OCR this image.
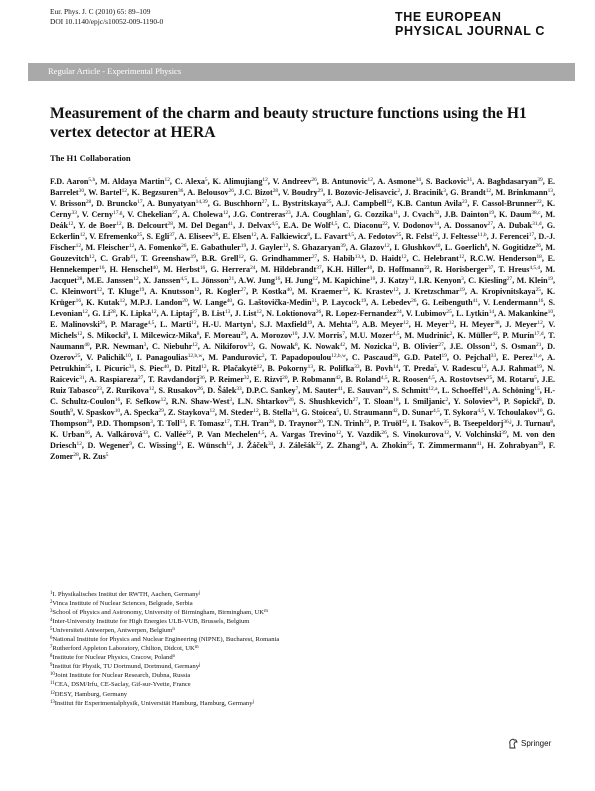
Eur. Phys. J. C (2010) 65: 89–109
DOI 10.1140/epjc/s10052-009-1190-0	THE EUROPEAN
PHYSICAL JOURNAL C
Regular Article - Experimental Physics
Measurement of the charm and beauty structure functions using the H1 vertex detector at HERA
The H1 Collaboration
F.D. Aaron$^{5,h}$, M. Aldaya Martin$^{12}$, C. Alexa$^5$, K. Alimujiang$^{12}$, V. Andreev$^{26}$, B. Antunovic$^{12}$, A. Asmone$^{34}$, S. Backovic$^{31}$, A. Baghdasaryan$^{39}$, E. Barrelet$^{30}$, W. Bartel$^{12}$, K. Begzsuren$^{36}$, A. Belousov$^{26}$, J.C. Bizot$^{28}$, V. Boudry$^{29}$, I. Bozovic-Jelisavcic$^2$, J. Bracinik$^3$, G. Brandt$^{12}$, M. Brinkmann$^{13}$, V. Brisson$^{28}$, D. Bruncko$^{17}$, A. Bunyatyan$^{14,39}$, G. Buschhorn$^{27}$, L. Bystritskaya$^{25}$, A.J. Campbell$^{12}$, K.B. Cantun Avila$^{23}$, F. Cassol-Brunner$^{22}$, K. Cerny$^{33}$, V. Cerny$^{17,g}$, V. Chekelian$^{27}$, A. Cholewa$^{12}$, J.G. Contreras$^{23}$, J.A. Coughlan$^7$, G. Cozzika$^{11}$, J. Cvach$^{32}$, J.B. Dainton$^{19}$, K. Daum$^{38,c}$, M. Deák$^{12}$, Y. de Boer$^{12}$, B. Delcourt$^{28}$, M. Del Degan$^{41}$, J. Delvax$^{4,5}$, E.A. De Wolf$^{4,5}$, C. Diaconu$^{22}$, V. Dodonov$^{14}$, A. Dossanov$^{27}$, A. Dubak$^{31,d}$, G. Eckerlin$^{12}$, V. Efremenko$^{25}$, S. Egli$^{37}$, A. Eliseev$^{26}$, E. Elsen$^{12}$, A. Falkiewicz$^8$, L. Favart$^{4,5}$, A. Fedotov$^{25}$, R. Felst$^{12}$, J. Feltesse$^{11,b}$, J. Ferencei$^{17}$, D.-J. Fischer$^{12}$, M. Fleischer$^{12}$, A. Fomenko$^{26}$, E. Gabathuler$^{19}$, J. Gayler$^{12}$, S. Ghazaryan$^{39}$, A. Glazov$^{12}$, I. Glushkov$^{40}$, L. Goerlich$^8$, N. Gogitidze$^{26}$, M. Gouzevitch$^{12}$, C. Grab$^{41}$, T. Greenshaw$^{19}$, B.R. Grell$^{12}$, G. Grindhammer$^{27}$, S. Habib$^{13,k}$, D. Haidt$^{12}$, C. Helebrant$^{12}$, R.C.W. Henderson$^{18}$, E. Hennekemper$^{16}$, H. Henschel$^{40}$, M. Herbst$^{16}$, G. Herrera$^{24}$, M. Hildebrandt$^{37}$, K.H. Hiller$^{40}$, D. Hoffmann$^{22}$, R. Horisberger$^{37}$, T. Hreus$^{4,5,d}$, M. Jacquet$^{28}$, M.E. Janssen$^{12}$, X. Janssen$^{4,5}$, L. Jönsson$^{21}$, A.W. Jung$^{16}$, H. Jung$^{12}$, M. Kapichine$^{10}$, J. Katzy$^{12}$, I.R. Kenyon$^3$, C. Kiesling$^{27}$, M. Klein$^{19}$, C. Kleinwort$^{12}$, T. Kluge$^{19}$, A. Knutsson$^{12}$, R. Kogler$^{27}$, P. Kostka$^{40}$, M. Kraemer$^{12}$, K. Krastev$^{12}$, J. Kretzschmar$^{19}$, A. Kropivnitskaya$^{25}$, K. Krüger$^{16}$, K. Kutak$^{12}$, M.P.J. Landon$^{20}$, W. Lange$^{40}$, G. Laštovička-Medin$^{31}$, P. Laycock$^{19}$, A. Lebedev$^{26}$, G. Leibenguth$^{41}$, V. Lendermann$^{16}$, S. Levonian$^{12}$, G. Li$^{28}$, K. Lipka$^{12}$, A. Liptaj$^{27}$, B. List$^{13}$, J. List$^{12}$, N. Loktionova$^{26}$, R. Lopez-Fernandez$^{24}$, V. Lubimov$^{25}$, L. Lytkin$^{14}$, A. Makankine$^{10}$, E. Malinovski$^{26}$, P. Marage$^{4,5}$, L. Marti$^{12}$, H.-U. Martyn$^1$, S.J. Maxfield$^{19}$, A. Mehta$^{19}$, A.B. Meyer$^{12}$, H. Meyer$^{12}$, H. Meyer$^{38}$, J. Meyer$^{12}$, V. Michels$^{12}$, S. Mikocki$^8$, I. Milcewicz-Mika$^8$, F. Moreau$^{29}$, A. Morozov$^{10}$, J.V. Morris$^7$, M.U. Mozer$^{4,5}$, M. Mudrinic$^2$, K. Müller$^{42}$, P. Murín$^{17,d}$, T. Naumann$^{40}$, P.R. Newman$^3$, C. Niebuhr$^{12}$, A. Nikiforov$^{12}$, G. Nowak$^8$, K. Nowak$^{42}$, M. Nozicka$^{12}$, B. Olivier$^{27}$, J.E. Olsson$^{12}$, S. Osman$^{21}$, D. Ozerov$^{25}$, V. Palichik$^{10}$, I. Panagoulias$^{12,b,w}$, M. Pandurovic$^2$, T. Papadopoulou$^{12,b,w}$, C. Pascaud$^{28}$, G.D. Patel$^{19}$, O. Pejchal$^{33}$, E. Perez$^{11,e}$, A. Petrukhin$^{25}$, I. Picuric$^{31}$, S. Piec$^{40}$, D. Pitzl$^{12}$, R. Plačakytė$^{12}$, B. Pokorny$^{13}$, R. Polifka$^{33}$, B. Povh$^{14}$, T. Preda$^5$, V. Radescu$^{12}$, A.J. Rahmat$^{19}$, N. Raicevic$^{31}$, A. Raspiareza$^{27}$, T. Ravdandorj$^{36}$, P. Reimer$^{32}$, E. Rizvi$^{20}$, P. Robmann$^{42}$, B. Roland$^{4,5}$, R. Roosen$^{4,5}$, A. Rostovtsev$^{25}$, M. Rotaru$^5$, J.E. Ruiz Tabasco$^{23}$, Z. Rurikova$^{12}$, S. Rusakov$^{26}$, D. Šálek$^{33}$, D.P.C. Sankey$^7$, M. Sauter$^{41}$, E. Sauvan$^{22}$, S. Schmitt$^{12,a}$, L. Schoeffel$^{11}$, A. Schöning$^{15}$, H.-C. Schultz-Coulon$^{16}$, F. Sefkow$^{12}$, R.N. Shaw-West$^3$, L.N. Shtarkov$^{26}$, S. Shushkevich$^{27}$, T. Sloan$^{18}$, I. Smiljanic$^2$, Y. Soloviev$^{26}$, P. Sopicki$^8$, D. South$^9$, V. Spaskov$^{10}$, A. Specka$^{29}$, Z. Staykova$^{12}$, M. Steder$^{12}$, B. Stella$^{34}$, G. Stoicea$^5$, U. Straumann$^{42}$, D. Sunar$^{4,5}$, T. Sykora$^{4,5}$, V. Tchoulakov$^{10}$, G. Thompson$^{20}$, P.D. Thompson$^3$, T. Toll$^{13}$, F. Tomasz$^{17}$, T.H. Tran$^{28}$, D. Traynor$^{20}$, T.N. Trinh$^{22}$, P. Truöl$^{42}$, I. Tsakov$^{35}$, B. Tseepeldorj$^{36,j}$, J. Turnau$^8$, K. Urban$^{16}$, A. Valkárová$^{33}$, C. Vallée$^{22}$, P. Van Mechelen$^{4,5}$, A. Vargas Trevino$^{12}$, Y. Vazdik$^{26}$, S. Vinokurova$^{12}$, V. Volchinski$^{39}$, M. von den Driesch$^{12}$, D. Wegener$^9$, C. Wissing$^{12}$, E. Wünsch$^{12}$, J. Žáček$^{33}$, J. Zálešák$^{32}$, Z. Zhang$^{28}$, A. Zhokin$^{25}$, T. Zimmermann$^{41}$, H. Zohrabyan$^{39}$, F. Zomer$^{28}$, R. Zus$^5$
$^1$I. Physikalisches Institut der RWTH, Aachen, Germany$^j$
$^2$Vinca Institute of Nuclear Sciences, Belgrade, Serbia
$^3$School of Physics and Astronomy, University of Birmingham, Birmingham, $UK^m$
$^4$Inter-University Institute for High Energies ULB-VUB, Brussels, Belgium
$^5$Universiteit Antwerpen, Antwerpen, Belgium$^n$
$^6$National Institute for Physics and Nuclear Engineering (NIPNE), Bucharest, Romania
$^7$Rutherford Appleton Laboratory, Chilton, Didcot, $UK^m$
$^8$Institute for Nuclear Physics, Cracow, Poland$^o$
$^9$Institut für Physik, TU Dortmund, Dortmund, Germany$^j$
$^{10}$Joint Institute for Nuclear Research, Dubna, Russia
$^{11}$CEA, DSM/Irfu, CE-Saclay, Gif-sur-Yvette, France
$^{12}$DESY, Hamburg, Germany
$^{13}$Institut für Experimentalphysik, Universität Hamburg, Hamburg, Germany$^j$
Springer
